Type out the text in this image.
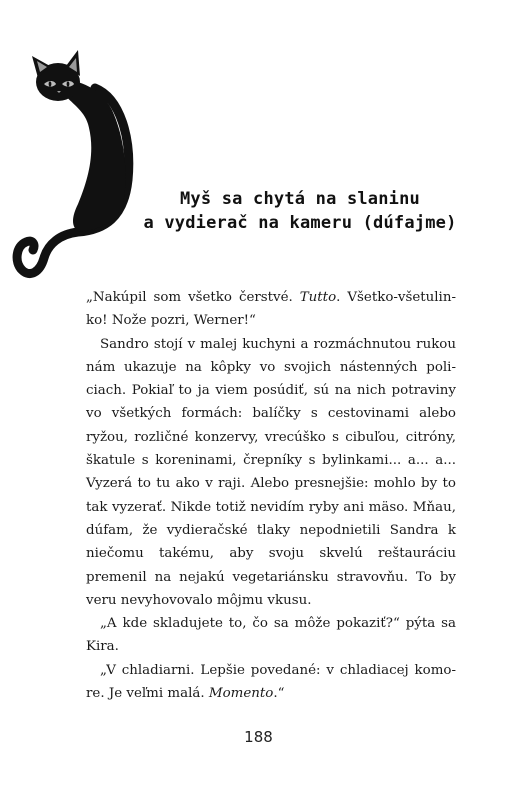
Myš sa chytá na slaninu
a vydierač na kameru (dúfajme)

„Nakúpil som všetko čerstvé. Tutto. Všetko-všetulinko! Nože pozri, Werner!“

Sandro stojí v malej kuchyni a rozmáchnutou rukou nám ukazuje na kôpky vo svojich nástenných policiach. Pokiaľ to ja viem posúdiť, sú na nich potraviny vo všetkých formách: balíčky s cestovinami alebo ryžou, rozličné konzervy, vrecúško s cibuľou, citróny, škatule s koreninami, črepníky s bylinkami... a... a... Vyzerá to tu ako v raji. Alebo presnejšie: mohlo by to tak vyzerať. Nikde totiž nevidím ryby ani mäso. Mňau, dúfam, že vydieračské tlaky nepodnietili Sandra k niečomu takému, aby svoju skvelú reštauráciu premenil na nejakú vegetariánsku stravovňu. To by veru nevyhovovalo môjmu vkusu.

„A kde skladujete to, čo sa môže pokaziť?“ pýta sa Kira.

„V chladiarni. Lepšie povedané: v chladiacej komore. Je veľmi malá. Momento.“

188
